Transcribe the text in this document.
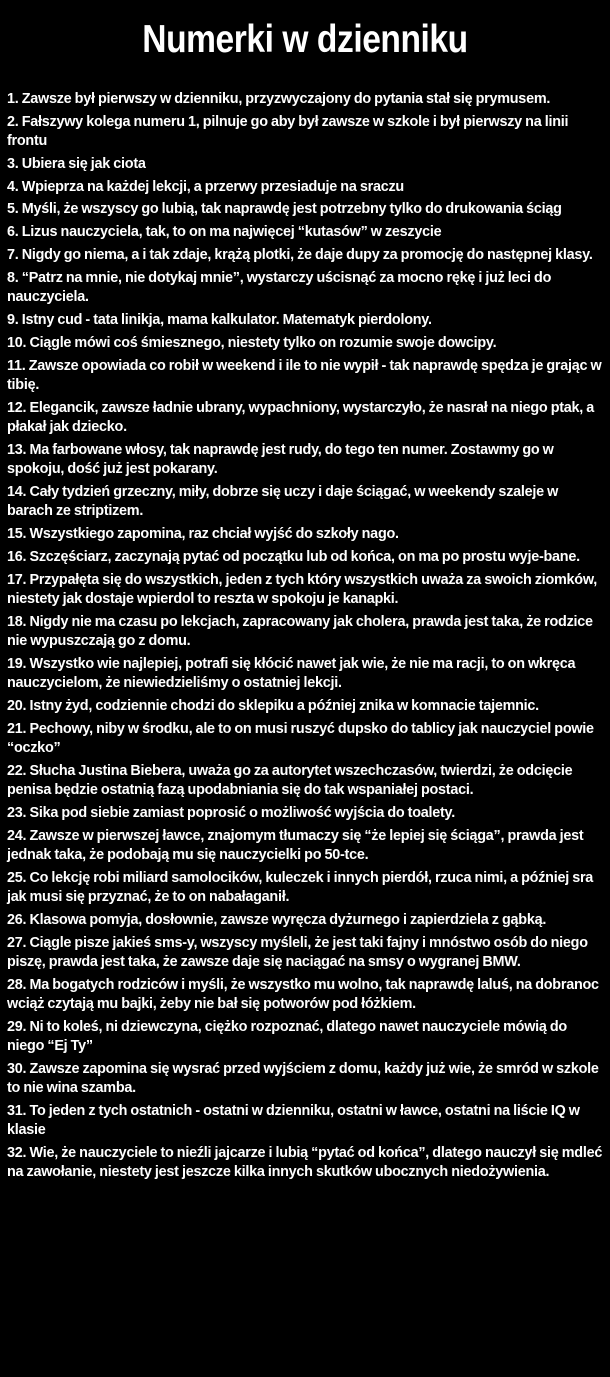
Numerki w dzienniku
1. Zawsze był pierwszy w dzienniku, przyzwyczajony do pytania stał się prymusem.
2. Fałszywy kolega numeru 1, pilnuje go aby był zawsze w szkole i był pierwszy na linii frontu
3. Ubiera się jak ciota
4. Wpieprza na każdej lekcji, a przerwy przesiaduje na sraczu
5. Myśli, że wszyscy go lubią, tak naprawdę jest potrzebny tylko do drukowania ściąg
6. Lizus nauczyciela, tak, to on ma najwięcej “kutasów” w zeszycie
7. Nigdy go niema, a i tak zdaje, krążą plotki, że daje dupy za promocję do następnej klasy.
8. “Patrz na mnie, nie dotykaj mnie”, wystarczy uścisnąć za mocno rękę i już leci do nauczyciela.
9. Istny cud - tata linikja, mama kalkulator. Matematyk pierdolony.
10. Ciągle mówi coś śmiesznego, niestety tylko on rozumie swoje dowcipy.
11. Zawsze opowiada co robił w weekend i ile to nie wypił - tak naprawdę spędza je grając w tibię.
12. Elegancik, zawsze ładnie ubrany, wypachniony, wystarczyło, że nasrał na niego ptak, a płakał jak dziecko.
13. Ma farbowane włosy, tak naprawdę jest rudy, do tego ten numer. Zostawmy go w spokoju, dość już jest pokarany.
14. Cały tydzień grzeczny, miły, dobrze się uczy i daje ściągać, w weekendy szaleje w barach ze striptizem.
15. Wszystkiego zapomina, raz chciał wyjść do szkoły nago.
16. Szczęściarz, zaczynają pytać od początku lub od końca, on ma po prostu wyje-bane.
17. Przypałęta się do wszystkich, jeden z tych który wszystkich uważa za swoich ziomków, niestety jak dostaje wpierdol to reszta w spokoju je kanapki.
18. Nigdy nie ma czasu po lekcjach, zapracowany jak cholera, prawda jest taka, że rodzice nie wypuszczają go z domu.
19. Wszystko wie najlepiej, potrafi się kłócić nawet jak wie, że nie ma racji, to on wkręca nauczycielom, że niewiedzieliśmy o ostatniej lekcji.
20. Istny żyd, codziennie chodzi do sklepiku a później znika w komnacie tajemnic.
21. Pechowy, niby w środku, ale to on musi ruszyć dupsko do tablicy jak nauczyciel powie “oczko”
22. Słucha Justina Biebera, uważa go za autorytet wszechczasów, twierdzi, że odcięcie penisa będzie ostatnią fazą upodabniania się do tak wspaniałej postaci.
23. Sika pod siebie zamiast poprosić o możliwość wyjścia do toalety.
24. Zawsze w pierwszej ławce, znajomym tłumaczy się “że lepiej się ściąga”, prawda jest jednak taka, że podobają mu się nauczycielki po 50-tce.
25. Co lekcję robi miliard samolocików, kuleczek i innych pierdół, rzuca nimi, a później sra jak musi się przyznać, że to on nabałaganił.
26. Klasowa pomyja, dosłownie, zawsze wyręcza dyżurnego i zapierdziela z gąbką.
27. Ciągle pisze jakieś sms-y, wszyscy myśleli, że jest taki fajny i mnóstwo osób do niego piszę, prawda jest taka, że zawsze daje się naciągać na smsy o wygranej BMW.
28. Ma bogatych rodziców i myśli, że wszystko mu wolno, tak naprawdę laluś, na dobranoc wciąż czytają mu bajki, żeby nie bał się potworów pod łóżkiem.
29. Ni to koleś, ni dziewczyna, ciężko rozpoznać, dlatego nawet nauczyciele mówią do niego “Ej Ty”
30. Zawsze zapomina się wysrać przed wyjściem z domu, każdy już wie, że smród w szkole to nie wina szamba.
31. To jeden z tych ostatnich - ostatni w dzienniku, ostatni w ławce, ostatni na liście IQ w klasie
32. Wie, że nauczyciele to nieźli jajcarze i lubią “pytać od końca”, dlatego nauczył się mdleć na zawołanie, niestety jest jeszcze kilka innych skutków ubocznych niedożywienia.
